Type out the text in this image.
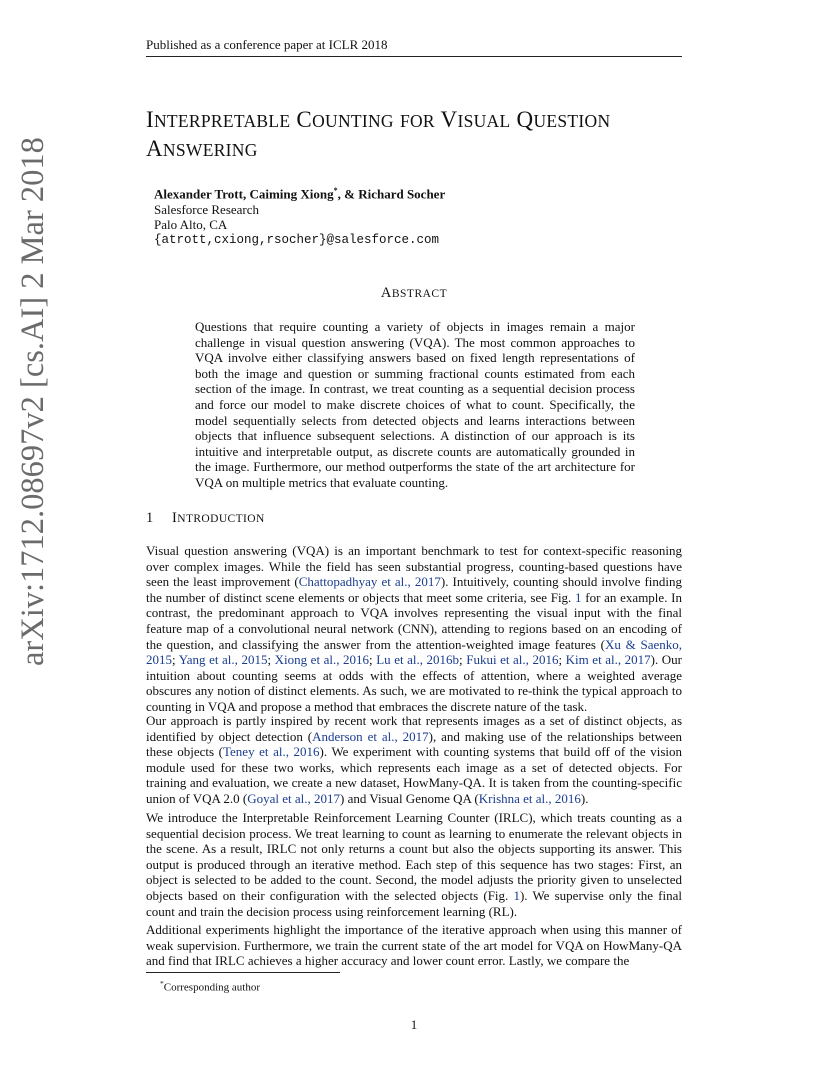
Published as a conference paper at ICLR 2018
arXiv:1712.08697v2 [cs.AI] 2 Mar 2018
INTERPRETABLE COUNTING FOR VISUAL QUESTION
ANSWERING
Alexander Trott, Caiming Xiong*, & Richard Socher
Salesforce Research
Palo Alto, CA
{atrott,cxiong,rsocher}@salesforce.com
ABSTRACT
Questions that require counting a variety of objects in images remain a major challenge in visual question answering (VQA). The most common approaches to VQA involve either classifying answers based on fixed length representations of both the image and question or summing fractional counts estimated from each section of the image. In contrast, we treat counting as a sequential decision process and force our model to make discrete choices of what to count. Specifically, the model sequentially selects from detected objects and learns interactions between objects that influence subsequent selections. A distinction of our approach is its intuitive and interpretable output, as discrete counts are automatically grounded in the image. Furthermore, our method outperforms the state of the art architecture for VQA on multiple metrics that evaluate counting.
1 INTRODUCTION

Visual question answering (VQA) is an important benchmark to test for context-specific reasoning over complex images. While the field has seen substantial progress, counting-based questions have seen the least improvement (Chattopadhyay et al., 2017). Intuitively, counting should involve finding the number of distinct scene elements or objects that meet some criteria, see Fig. 1 for an example. In contrast, the predominant approach to VQA involves representing the visual input with the final feature map of a convolutional neural network (CNN), attending to regions based on an encoding of the question, and classifying the answer from the attention-weighted image features (Xu & Saenko, 2015; Yang et al., 2015; Xiong et al., 2016; Lu et al., 2016b; Fukui et al., 2016; Kim et al., 2017). Our intuition about counting seems at odds with the effects of attention, where a weighted average obscures any notion of distinct elements. As such, we are motivated to re-think the typical approach to counting in VQA and propose a method that embraces the discrete nature of the task.

Our approach is partly inspired by recent work that represents images as a set of distinct objects, as identified by object detection (Anderson et al., 2017), and making use of the relationships between these objects (Teney et al., 2016). We experiment with counting systems that build off of the vision module used for these two works, which represents each image as a set of detected objects. For training and evaluation, we create a new dataset, HowMany-QA. It is taken from the counting-specific union of VQA 2.0 (Goyal et al., 2017) and Visual Genome QA (Krishna et al., 2016).

We introduce the Interpretable Reinforcement Learning Counter (IRLC), which treats counting as a sequential decision process. We treat learning to count as learning to enumerate the relevant objects in the scene. As a result, IRLC not only returns a count but also the objects supporting its answer. This output is produced through an iterative method. Each step of this sequence has two stages: First, an object is selected to be added to the count. Second, the model adjusts the priority given to unselected objects based on their configuration with the selected objects (Fig. 1). We supervise only the final count and train the decision process using reinforcement learning (RL).

Additional experiments highlight the importance of the iterative approach when using this manner of weak supervision. Furthermore, we train the current state of the art model for VQA on HowMany-QA and find that IRLC achieves a higher accuracy and lower count error. Lastly, we compare the

*Corresponding author
1
